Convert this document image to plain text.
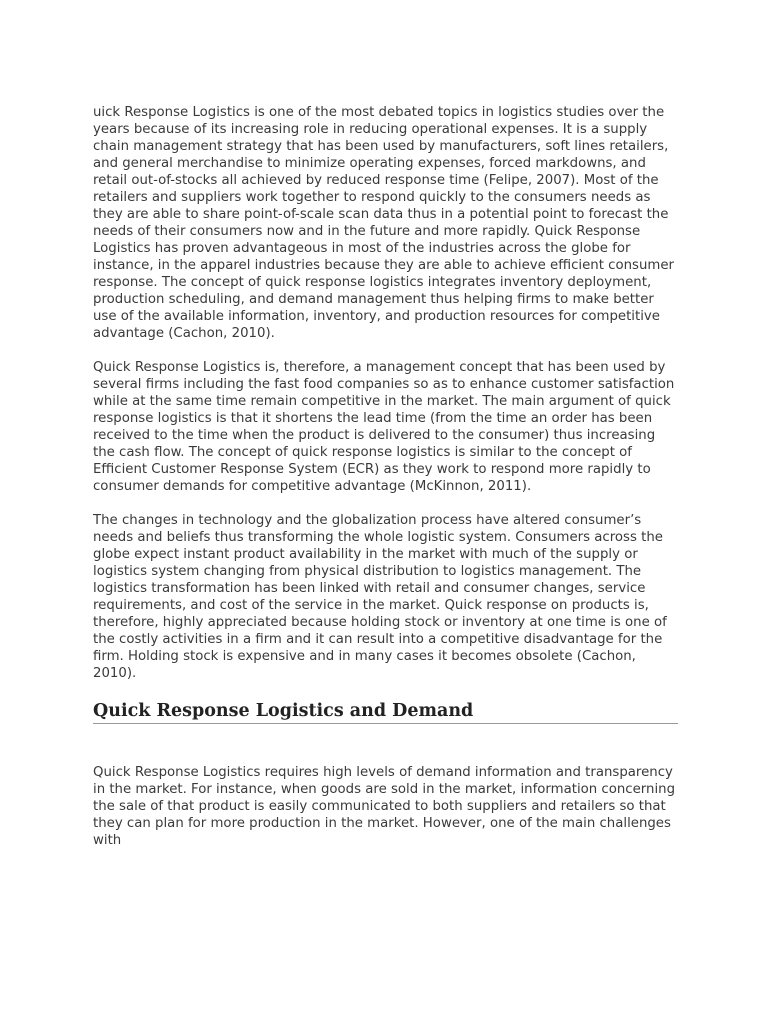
uick Response Logistics is one of the most debated topics in logistics studies over the years because of its increasing role in reducing operational expenses. It is a supply chain management strategy that has been used by manufacturers, soft lines retailers, and general merchandise to minimize operating expenses, forced markdowns, and retail out-of-stocks all achieved by reduced response time (Felipe, 2007). Most of the retailers and suppliers work together to respond quickly to the consumers needs as they are able to share point-of-scale scan data thus in a potential point to forecast the needs of their consumers now and in the future and more rapidly. Quick Response Logistics has proven advantageous in most of the industries across the globe for instance, in the apparel industries because they are able to achieve efficient consumer response. The concept of quick response logistics integrates inventory deployment, production scheduling, and demand management thus helping firms to make better use of the available information, inventory, and production resources for competitive advantage (Cachon, 2010).

Quick Response Logistics is, therefore, a management concept that has been used by several firms including the fast food companies so as to enhance customer satisfaction while at the same time remain competitive in the market. The main argument of quick response logistics is that it shortens the lead time (from the time an order has been received to the time when the product is delivered to the consumer) thus increasing the cash flow. The concept of quick response logistics is similar to the concept of Efficient Customer Response System (ECR) as they work to respond more rapidly to consumer demands for competitive advantage (McKinnon, 2011).

The changes in technology and the globalization process have altered consumer’s needs and beliefs thus transforming the whole logistic system. Consumers across the globe expect instant product availability in the market with much of the supply or logistics system changing from physical distribution to logistics management. The logistics transformation has been linked with retail and consumer changes, service requirements, and cost of the service in the market. Quick response on products is, therefore, highly appreciated because holding stock or inventory at one time is one of the costly activities in a firm and it can result into a competitive disadvantage for the firm. Holding stock is expensive and in many cases it becomes obsolete (Cachon, 2010).

Quick Response Logistics and Demand

Quick Response Logistics requires high levels of demand information and transparency in the market. For instance, when goods are sold in the market, information concerning the sale of that product is easily communicated to both suppliers and retailers so that they can plan for more production in the market. However, one of the main challenges with
